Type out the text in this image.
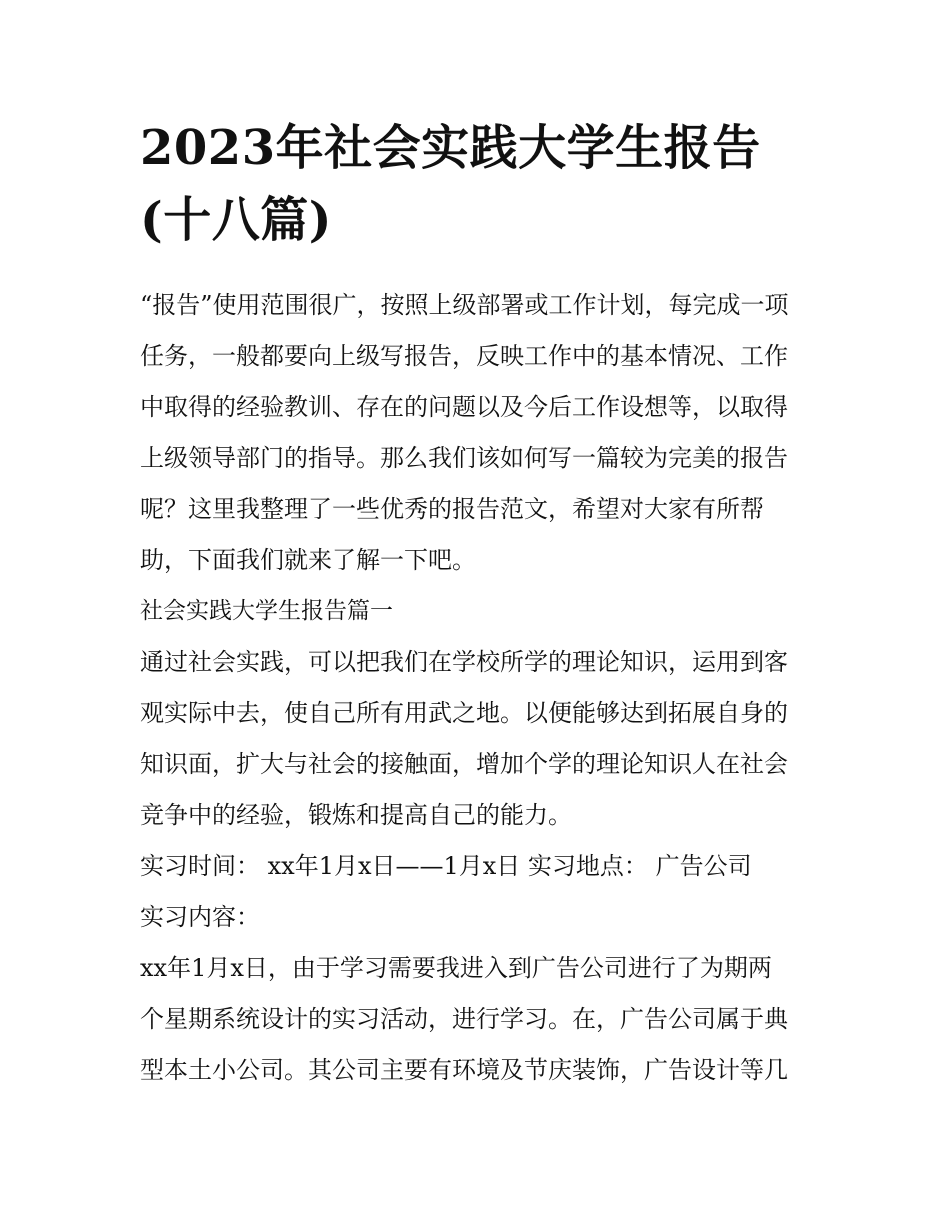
2023年社会实践大学生报告
(十八篇)
“报告”使用范围很广，按照上级部署或工作计划，每完成一项
任务，一般都要向上级写报告，反映工作中的基本情况、工作
中取得的经验教训、存在的问题以及今后工作设想等，以取得
上级领导部门的指导。那么我们该如何写一篇较为完美的报告
呢？这里我整理了一些优秀的报告范文，希望对大家有所帮
助，下面我们就来了解一下吧。
社会实践大学生报告篇一
通过社会实践，可以把我们在学校所学的理论知识，运用到客
观实际中去，使自己所有用武之地。以便能够达到拓展自身的
知识面，扩大与社会的接触面，增加个学的理论知识人在社会
竞争中的经验，锻炼和提高自己的能力。
实习时间： xx年1月x日——1月x日 实习地点： 广告公司
实习内容：
xx年1月x日，由于学习需要我进入到广告公司进行了为期两
个星期系统设计的实习活动，进行学习。在，广告公司属于典
型本土小公司。其公司主要有环境及节庆装饰，广告设计等几
